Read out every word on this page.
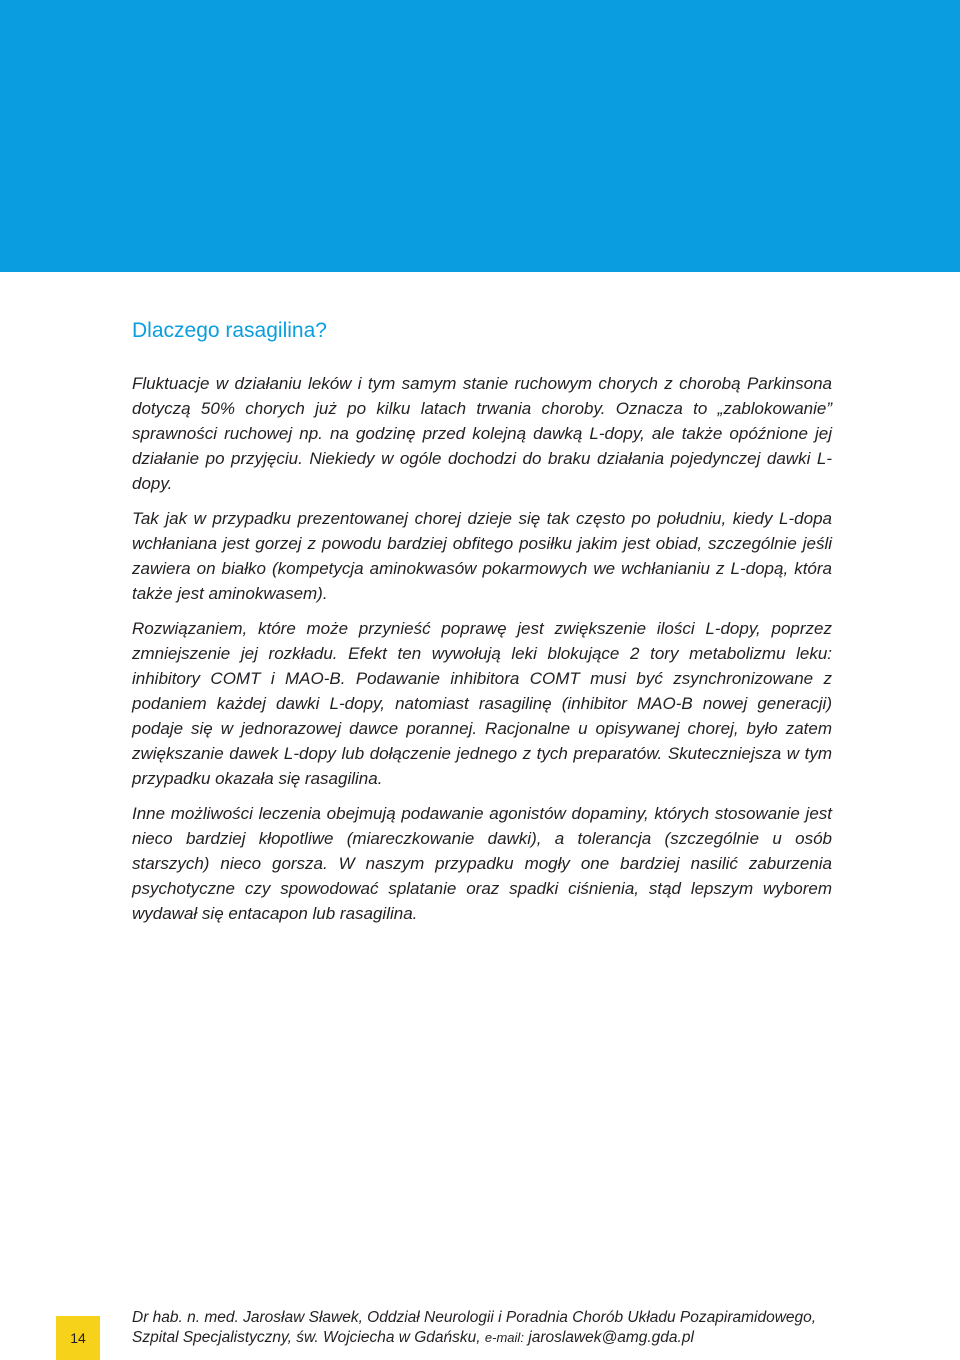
Dlaczego rasagilina?

Fluktuacje w działaniu leków i tym samym stanie ruchowym chorych z chorobą Parkinsona dotyczą 50% chorych już po kilku latach trwania choroby. Oznacza to „zablokowanie” sprawności ruchowej np. na godzinę przed kolejną dawką L-dopy, ale także opóźnione jej działanie po przyjęciu. Niekiedy w ogóle dochodzi do braku działania pojedynczej dawki L-dopy.

Tak jak w przypadku prezentowanej chorej dzieje się tak często po południu, kiedy L-dopa wchłaniana jest gorzej z powodu bardziej obfitego posiłku jakim jest obiad, szczególnie jeśli zawiera on białko (kompetycja aminokwasów pokarmowych we wchłanianiu z L-dopą, która także jest aminokwasem).

Rozwiązaniem, które może przynieść poprawę jest zwiększenie ilości L-dopy, poprzez zmniejszenie jej rozkładu. Efekt ten wywołują leki blokujące 2 tory metabolizmu leku: inhibitory COMT i MAO-B. Podawanie inhibitora COMT musi być zsynchronizowane z podaniem każdej dawki L-dopy, natomiast rasagilinę (inhibitor MAO-B nowej generacji) podaje się w jednorazowej dawce porannej. Racjonalne u opisywanej chorej, było zatem zwiększanie dawek L-dopy lub dołączenie jednego z tych preparatów. Skuteczniejsza w tym przypadku okazała się rasagilina.

Inne możliwości leczenia obejmują podawanie agonistów dopaminy, których stosowanie jest nieco bardziej kłopotliwe (miareczkowanie dawki), a tolerancja (szczególnie u osób starszych) nieco gorsza. W naszym przypadku mogły one bardziej nasilić zaburzenia psychotyczne czy spowodować splatanie oraz spadki ciśnienia, stąd lepszym wyborem wydawał się entacapon lub rasagilina.

14
Dr hab. n. med. Jarosław Sławek, Oddział Neurologii i Poradnia Chorób Układu Pozapiramidowego,
Szpital Specjalistyczny, św. Wojciecha w Gdańsku, e-mail: jaroslawek@amg.gda.pl
